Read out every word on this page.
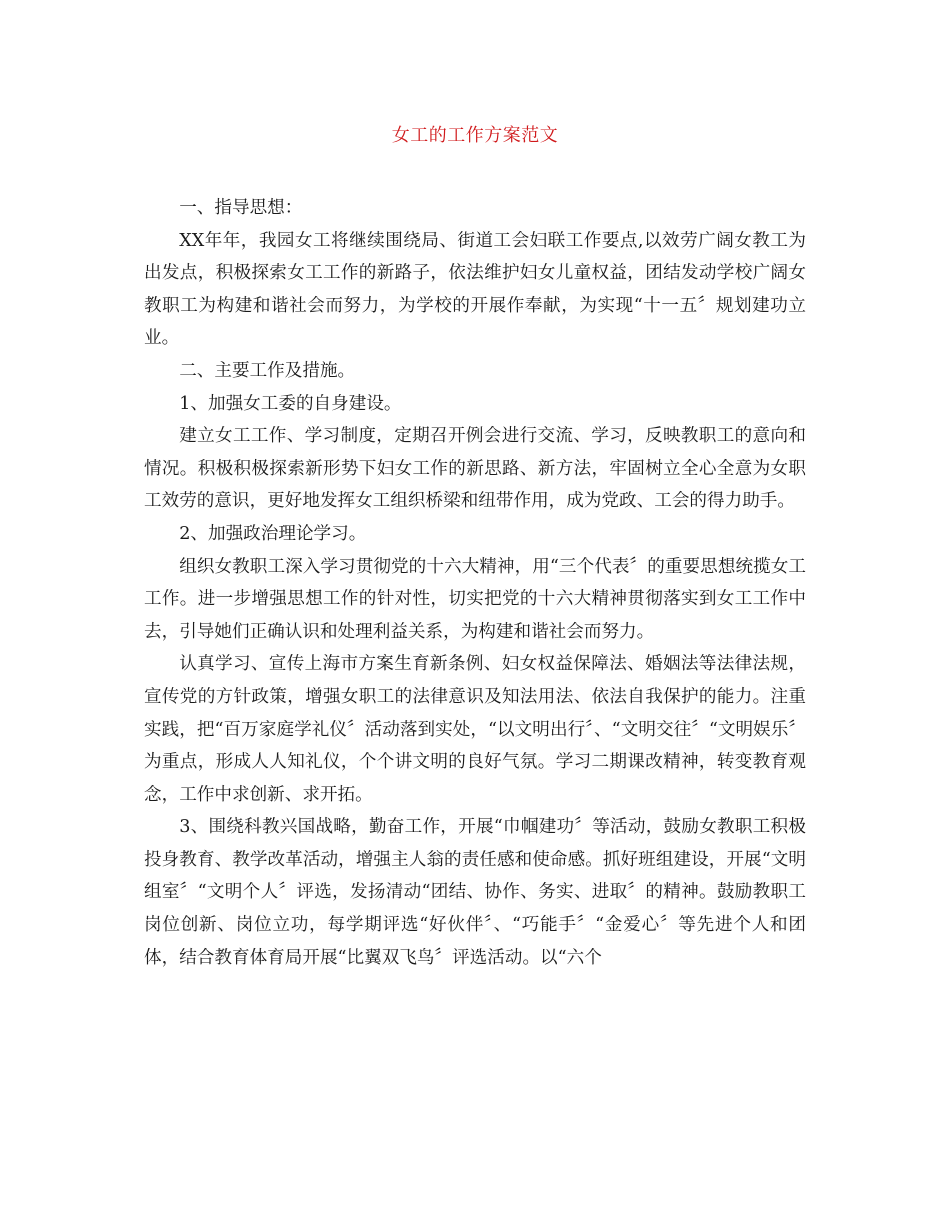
女工的工作方案范文

一、指导思想：

XX年年，我园女工将继续围绕局、街道工会妇联工作要点,以效劳广阔女教工为出发点，积极探索女工工作的新路子，依法维护妇女儿童权益，团结发动学校广阔女教职工为构建和谐社会而努力，为学校的开展作奉献，为实现“十一五〞规划建功立业。

二、主要工作及措施。

1、加强女工委的自身建设。

建立女工工作、学习制度，定期召开例会进行交流、学习，反映教职工的意向和情况。积极积极探索新形势下妇女工作的新思路、新方法，牢固树立全心全意为女职工效劳的意识，更好地发挥女工组织桥梁和纽带作用，成为党政、工会的得力助手。

2、加强政治理论学习。

组织女教职工深入学习贯彻党的十六大精神，用“三个代表〞的重要思想统揽女工工作。进一步增强思想工作的针对性，切实把党的十六大精神贯彻落实到女工工作中去，引导她们正确认识和处理利益关系，为构建和谐社会而努力。

认真学习、宣传上海市方案生育新条例、妇女权益保障法、婚姻法等法律法规，宣传党的方针政策，增强女职工的法律意识及知法用法、依法自我保护的能力。注重实践，把“百万家庭学礼仪〞活动落到实处，“以文明出行〞、“文明交往〞“文明娱乐〞为重点，形成人人知礼仪，个个讲文明的良好气氛。学习二期课改精神，转变教育观念，工作中求创新、求开拓。

3、围绕科教兴国战略，勤奋工作，开展“巾帼建功〞等活动，鼓励女教职工积极投身教育、教学改革活动，增强主人翁的责任感和使命感。抓好班组建设，开展“文明组室〞“文明个人〞评选，发扬清动“团结、协作、务实、进取〞的精神。鼓励教职工岗位创新、岗位立功，每学期评选“好伙伴〞、“巧能手〞“金爱心〞等先进个人和团体，结合教育体育局开展“比翼双飞鸟〞评选活动。以“六个
